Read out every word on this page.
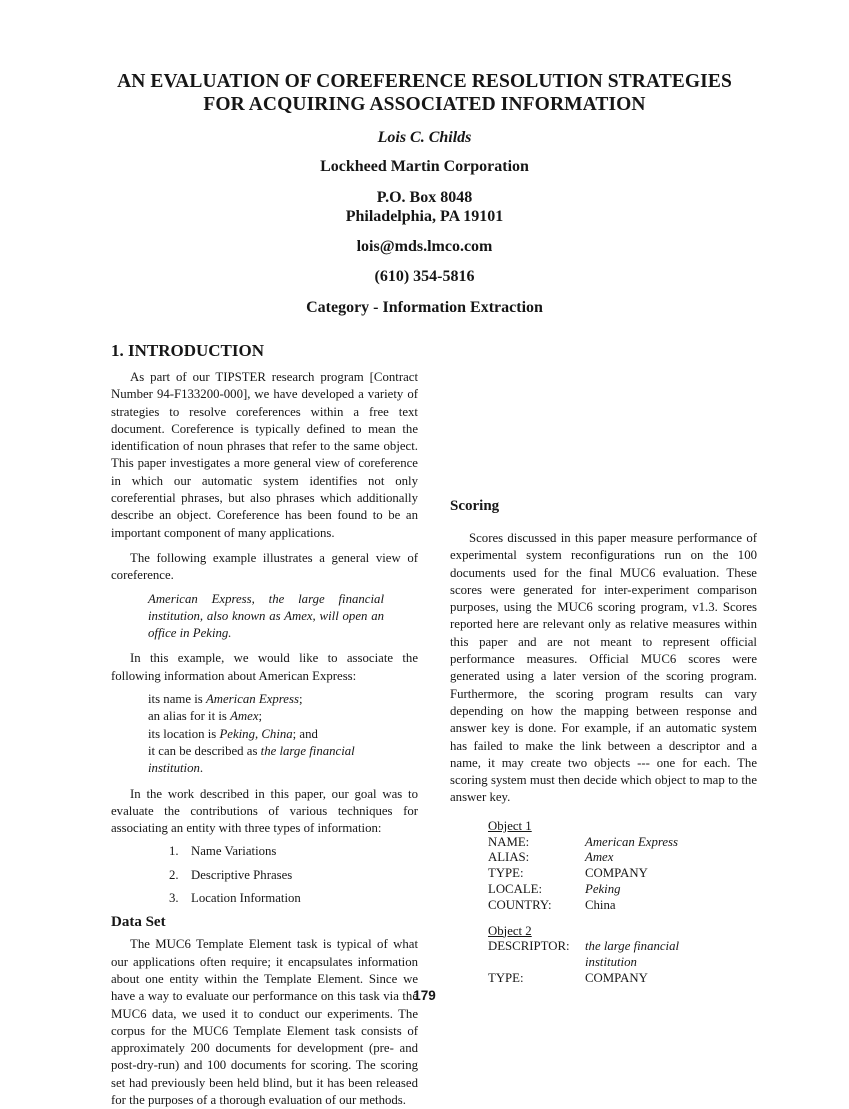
AN EVALUATION OF COREFERENCE RESOLUTION STRATEGIES
FOR ACQUIRING ASSOCIATED INFORMATION
Lois C. Childs
Lockheed Martin Corporation
P.O. Box 8048
Philadelphia, PA 19101
lois@mds.lmco.com
(610) 354-5816
Category - Information Extraction
1. INTRODUCTION

As part of our TIPSTER research program [Contract Number 94-F133200-000], we have developed a variety of strategies to resolve coreferences within a free text document. Coreference is typically defined to mean the identification of noun phrases that refer to the same object. This paper investigates a more general view of coreference in which our automatic system identifies not only coreferential phrases, but also phrases which additionally describe an object. Coreference has been found to be an important component of many applications.

The following example illustrates a general view of coreference.

American Express, the large financial institution, also known as Amex, will open an office in Peking.

In this example, we would like to associate the following information about American Express:

its name is American Express;
an alias for it is Amex;
its location is Peking, China; and
it can be described as the large financial institution.

In the work described in this paper, our goal was to evaluate the contributions of various techniques for associating an entity with three types of information:

1. Name Variations
2. Descriptive Phrases
3. Location Information
Data Set

The MUC6 Template Element task is typical of what our applications often require; it encapsulates information about one entity within the Template Element. Since we have a way to evaluate our performance on this task via the MUC6 data, we used it to conduct our experiments. The corpus for the MUC6 Template Element task consists of approximately 200 documents for development (pre- and post-dry-run) and 100 documents for scoring. The scoring set had previously been held blind, but it has been released for the purposes of a thorough evaluation of our methods.

Scoring

Scores discussed in this paper measure performance of experimental system reconfigurations run on the 100 documents used for the final MUC6 evaluation. These scores were generated for inter-experiment comparison purposes, using the MUC6 scoring program, v1.3. Scores reported here are relevant only as relative measures within this paper and are not meant to represent official performance measures. Official MUC6 scores were generated using a later version of the scoring program. Furthermore, the scoring program results can vary depending on how the mapping between response and answer key is done. For example, if an automatic system has failed to make the link between a descriptor and a name, it may create two objects --- one for each. The scoring system must then decide which object to map to the answer key.

Object 1
NAME:	American Express
ALIAS:	Amex
TYPE:	COMPANY
LOCALE:	Peking
COUNTRY:	China
Object 2
DESCRIPTOR:	the large financial institution
TYPE:	COMPANY
179
